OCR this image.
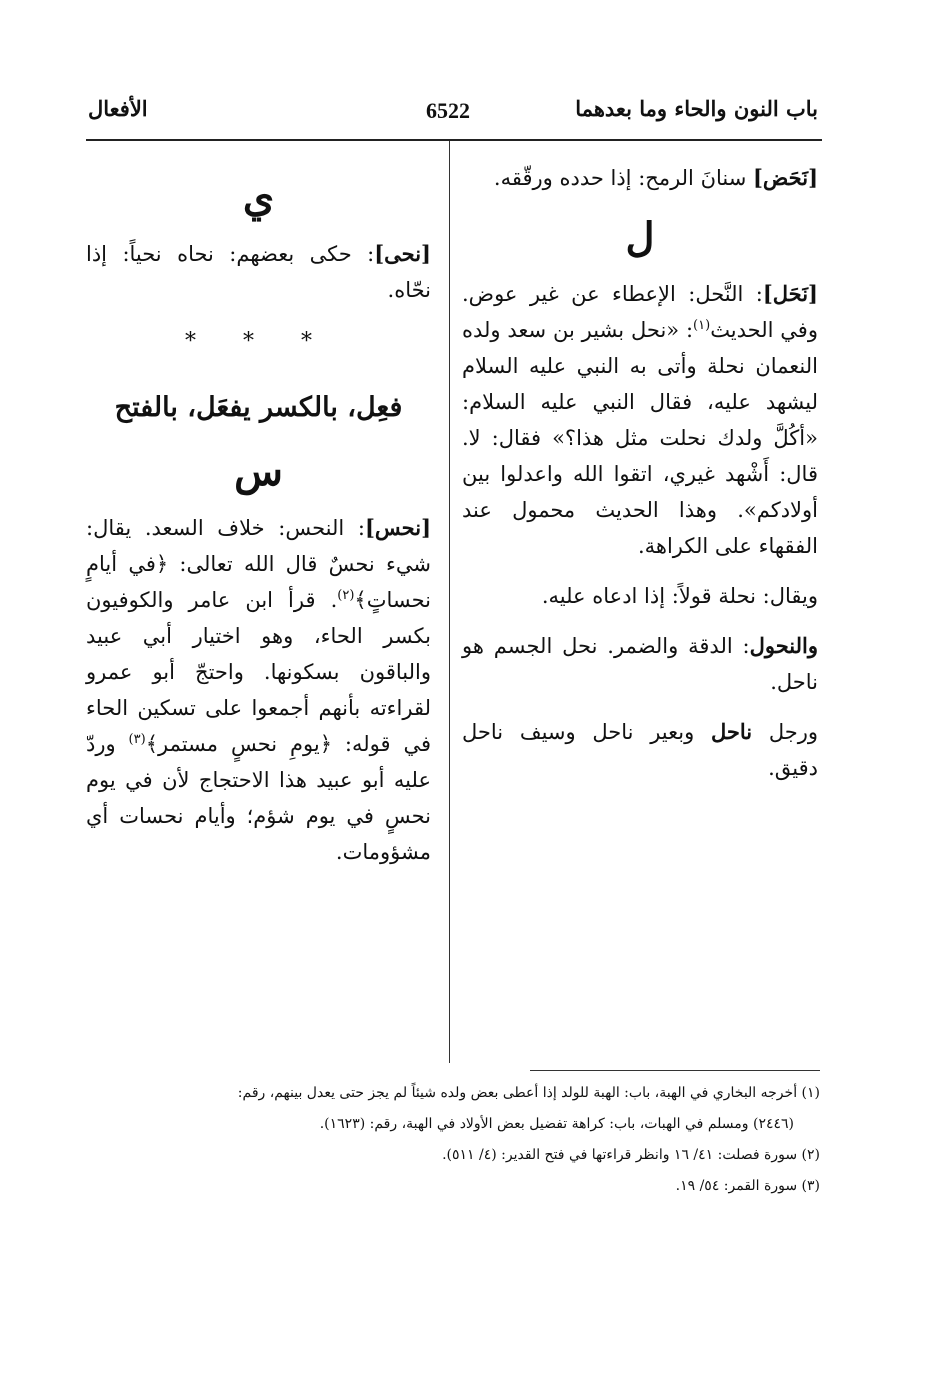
باب النون والحاء وما بعدهما
6522
الأفعال

[نَحَض] سنانَ الرمح: إذا حدده ورقّقه.

ل

[نَحَل]: النَّحل: الإعطاء عن غير عوض. وفي الحديث$^{(١)}$: «نحل بشير بن سعد ولده النعمان نحلة وأتى به النبي عليه السلام ليشهد عليه، فقال النبي عليه السلام: «أكُلَّ ولدك نحلت مثل هذا؟» فقال: لا. قال: أَشْهد غيري، اتقوا الله واعدلوا بين أولادكم». وهذا الحديث محمول عند الفقهاء على الكراهة.

ويقال: نحلة قولاً: إذا ادعاه عليه.

والنحول: الدقة والضمر. نحل الجسم هو ناحل.

ورجل ناحل وبعير ناحل وسيف ناحل دقيق.

ي

[نحى]: حكى بعضهم: نحاه نحياً: إذا نحّاه.

* * *
فعِل، بالكسر يفعَل، بالفتح
س

[نحس]: النحس: خلاف السعد. يقال: شيء نحسٌ قال الله تعالى: ﴿في أيامٍ نحساتٍ﴾$^{(٢)}$. قرأ ابن عامر والكوفيون بكسر الحاء، وهو اختيار أبي عبيد والباقون بسكونها. واحتجّ أبو عمرو لقراءته بأنهم أجمعوا على تسكين الحاء في قوله: ﴿يومِ نحسٍ مستمر﴾$^{(٣)}$ وردّ عليه أبو عبيد هذا الاحتجاج لأن في يوم نحسٍ في يوم شؤم؛ وأيام نحسات أي مشؤومات.

(١) أخرجه البخاري في الهبة، باب: الهبة للولد إذا أعطى بعض ولده شيئاً لم يجز حتى يعدل بينهم، رقم:

(٢٤٤٦) ومسلم في الهبات، باب: كراهة تفضيل بعض الأولاد في الهبة، رقم: (١٦٢٣).

(٢) سورة فصلت: ٤١/ ١٦ وانظر قراءتها في فتح القدير: (٤/ ٥١١).

(٣) سورة القمر: ٥٤/ ١٩.
